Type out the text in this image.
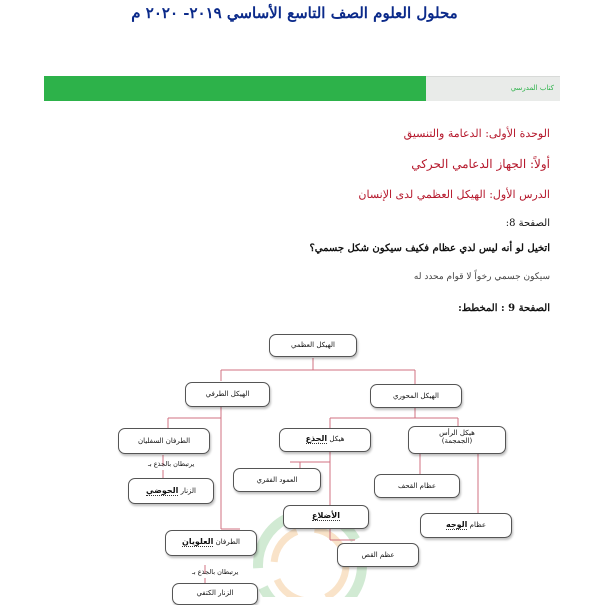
محلول العلوم الصف التاسع الأساسي ٢٠١٩- ٢٠٢٠ م
كتاب المدرسي
الوحدة الأولى: الدعامة والتنسيق
أولاً: الجهاز الدعامي الحركي
الدرس الأول: الهيكل العظمي لدى الإنسان
الصفحة 8:
اتخيل لو أنه ليس لدي عظام فكيف سيكون شكل جسمي؟
سيكون جسمي رخواً لا قوام محدد له
الصفحة 9 : المخطط:
الهيكل العظمي
الهيكل الطرفي	الهيكل المحوري
الطرفان السفليان
يرتبطان بالجذع بـ
الزنار الحوضي
هيكل الجذع
هيكل الرأس
(الجمجمة)
العمود الفقري
عظام القحف
الأضلاع
عظام الوجه
الطرفان العلويان
عظم القص
يرتبطان بالجذع بـ
الزنار الكتفي
